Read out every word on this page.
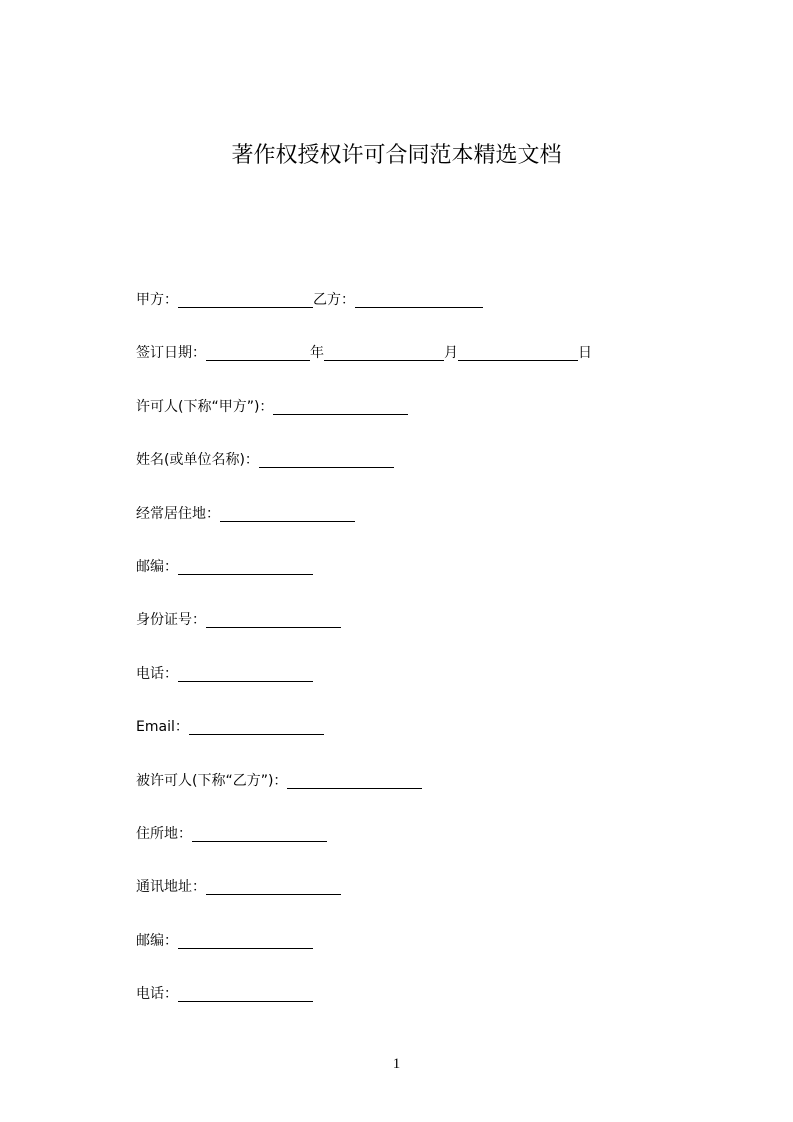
著作权授权许可合同范本精选文档
甲方：	乙方：
签订日期：	年	月	日
许可人(下称“甲方”)：
姓名(或单位名称)：
经常居住地：
邮编：
身份证号：
电话：
Email：
被许可人(下称“乙方”)：
住所地：
通讯地址：
邮编：
电话：
1
